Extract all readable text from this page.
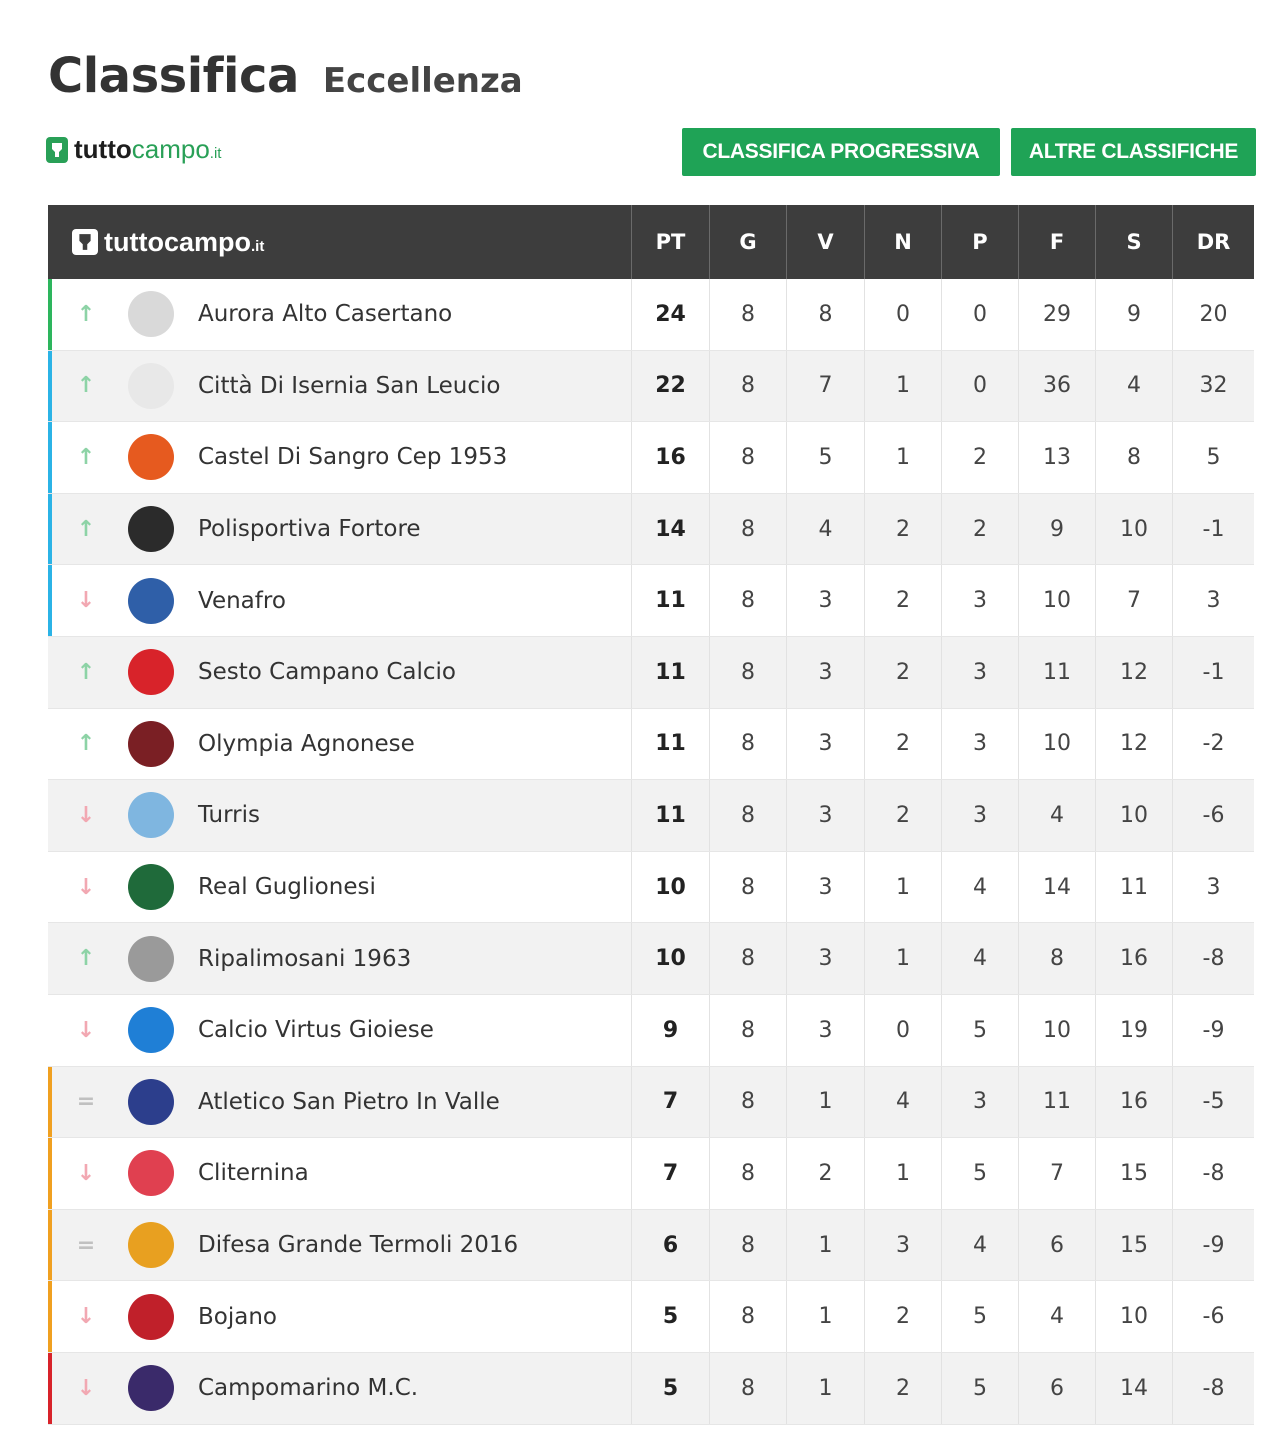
Classifica Eccellenza
tuttocampo.it	CLASSIFICA PROGRESSIVA	ALTRE CLASSIFICHE
tuttocampo.it	PT	G	V	N	P	F	S	DR
↑	Aurora Alto Casertano	24	8	8	0	0	29	9	20
↑	Città Di Isernia San Leucio	22	8	7	1	0	36	4	32
↑	Castel Di Sangro Cep 1953	16	8	5	1	2	13	8	5
↑	Polisportiva Fortore	14	8	4	2	2	9	10	-1
↓	Venafro	11	8	3	2	3	10	7	3
↑	Sesto Campano Calcio	11	8	3	2	3	11	12	-1
↑	Olympia Agnonese	11	8	3	2	3	10	12	-2
↓	Turris	11	8	3	2	3	4	10	-6
↓	Real Guglionesi	10	8	3	1	4	14	11	3
↑	Ripalimosani 1963	10	8	3	1	4	8	16	-8
↓	Calcio Virtus Gioiese	9	8	3	0	5	10	19	-9
=	Atletico San Pietro In Valle	7	8	1	4	3	11	16	-5
↓	Cliternina	7	8	2	1	5	7	15	-8
=	Difesa Grande Termoli 2016	6	8	1	3	4	6	15	-9
↓	Bojano	5	8	1	2	5	4	10	-6
↓	Campomarino M.C.	5	8	1	2	5	6	14	-8
